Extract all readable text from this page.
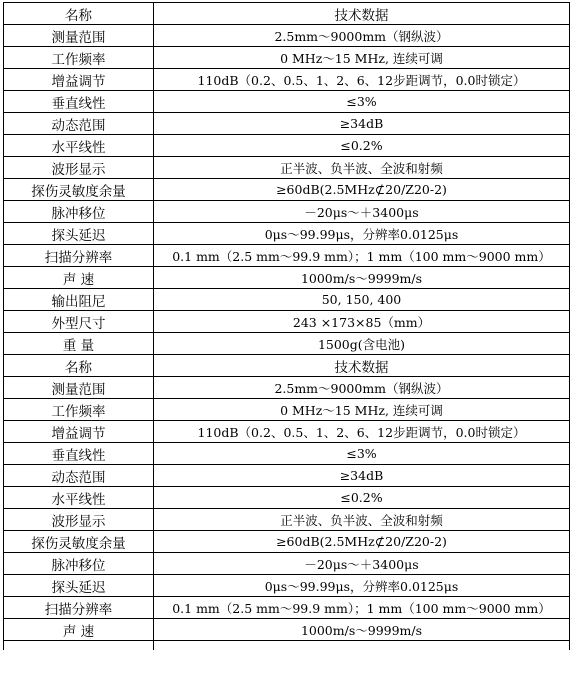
名称	技术数据
测量范围	2.5mm～9000mm（钢纵波）
工作频率	0 MHz～15 MHz, 连续可调
增益调节	110dB（0.2、0.5、1、2、6、12步距调节，0.0时锁定）
垂直线性	≤3%
动态范围	≥34dB
水平线性	≤0.2%
波形显示	正半波、负半波、全波和射频
探伤灵敏度余量	≥60dB(2.5MHz⊄20/Z20-2)
脉冲移位	－20μs～＋3400μs
探头延迟	0μs～99.99μs，分辨率0.0125μs
扫描分辨率	0.1 mm（2.5 mm～99.9 mm）；1 mm（100 mm～9000 mm）
声 速	1000m/s～9999m/s
输出阻尼	50, 150, 400
外型尺寸	243 ×173×85（mm）
重 量	1500g(含电池)
名称	技术数据
测量范围	2.5mm～9000mm（钢纵波）
工作频率	0 MHz～15 MHz, 连续可调
增益调节	110dB（0.2、0.5、1、2、6、12步距调节，0.0时锁定）
垂直线性	≤3%
动态范围	≥34dB
水平线性	≤0.2%
波形显示	正半波、负半波、全波和射频
探伤灵敏度余量	≥60dB(2.5MHz⊄20/Z20-2)
脉冲移位	－20μs～＋3400μs
探头延迟	0μs～99.99μs，分辨率0.0125μs
扫描分辨率	0.1 mm（2.5 mm～99.9 mm）；1 mm（100 mm～9000 mm）
声 速	1000m/s～9999m/s
